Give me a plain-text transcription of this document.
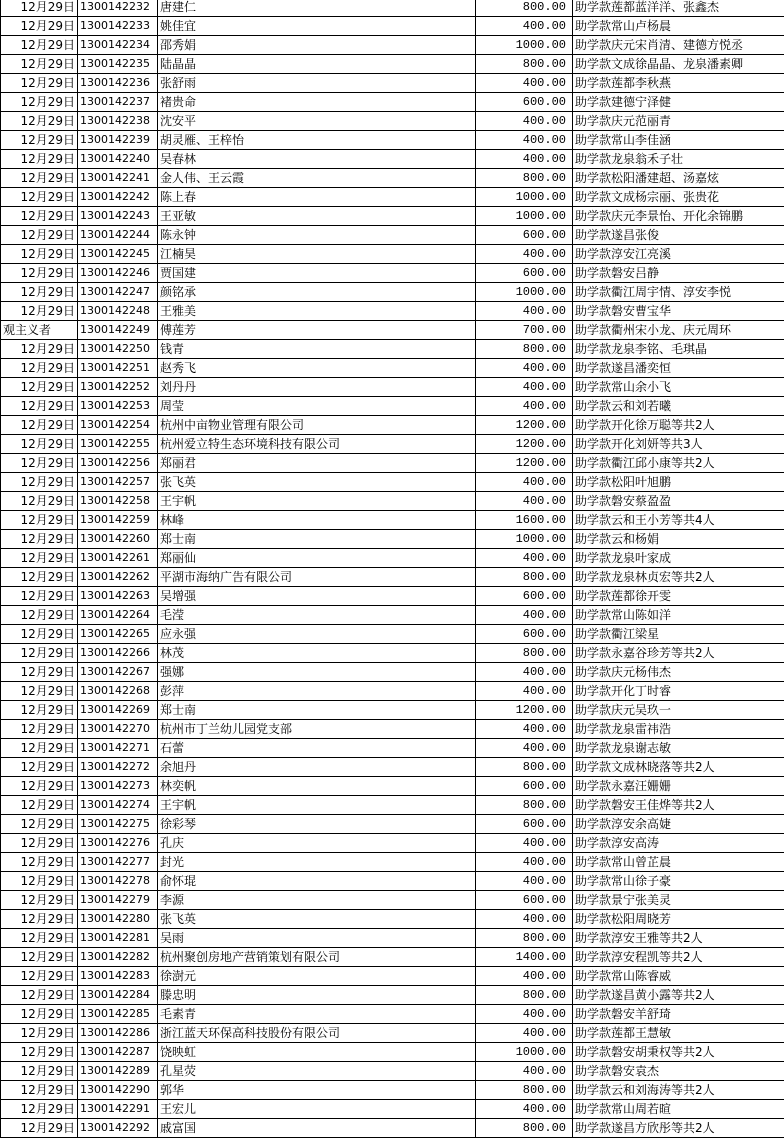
12月29日	1300142232	唐建仁	800.00	助学款莲都蓝洋洋、张鑫杰
12月29日	1300142233	姚佳宜	400.00	助学款常山卢杨晨
12月29日	1300142234	邵秀娟	1000.00	助学款庆元宋肖清、建德方悦丞
12月29日	1300142235	陆晶晶	800.00	助学款文成徐晶晶、龙泉潘素卿
12月29日	1300142236	张舒雨	400.00	助学款莲都李秋燕
12月29日	1300142237	褚贵命	600.00	助学款建德宁泽健
12月29日	1300142238	沈安平	400.00	助学款庆元范丽青
12月29日	1300142239	胡灵雁、王梓怡	400.00	助学款常山李佳涵
12月29日	1300142240	吴春林	400.00	助学款龙泉翁禾子壮
12月29日	1300142241	金人伟、王云霞	800.00	助学款松阳潘建超、汤嘉炫
12月29日	1300142242	陈上春	1000.00	助学款文成杨宗丽、张贵花
12月29日	1300142243	王亚敏	1000.00	助学款庆元李景怡、开化余锦鹏
12月29日	1300142244	陈永钟	600.00	助学款遂昌张俊
12月29日	1300142245	江楠昊	400.00	助学款淳安江亮溪
12月29日	1300142246	贾国建	600.00	助学款磐安吕静
12月29日	1300142247	颜铭承	1000.00	助学款衢江周宇情、淳安李悦
12月29日	1300142248	王雅美	400.00	助学款磐安曹宝华
观主义者	1300142249	傅莲芳	700.00	助学款衢州宋小龙、庆元周环
12月29日	1300142250	钱青	800.00	助学款龙泉李铭、毛琪晶
12月29日	1300142251	赵秀飞	400.00	助学款遂昌潘奕恒
12月29日	1300142252	刘丹丹	400.00	助学款常山余小飞
12月29日	1300142253	周莹	400.00	助学款云和刘若曦
12月29日	1300142254	杭州中亩物业管理有限公司	1200.00	助学款开化徐万聪等共2人
12月29日	1300142255	杭州爱立特生态环境科技有限公司	1200.00	助学款开化刘妍等共3人
12月29日	1300142256	郑丽君	1200.00	助学款衢江邱小康等共2人
12月29日	1300142257	张飞英	400.00	助学款松阳叶旭鹏
12月29日	1300142258	王宇帆	400.00	助学款磐安蔡盈盈
12月29日	1300142259	林峰	1600.00	助学款云和王小芳等共4人
12月29日	1300142260	郑士南	1000.00	助学款云和杨娟
12月29日	1300142261	郑丽仙	400.00	助学款龙泉叶家成
12月29日	1300142262	平湖市海纳广告有限公司	800.00	助学款龙泉林贞宏等共2人
12月29日	1300142263	吴增强	600.00	助学款莲都徐开雯
12月29日	1300142264	毛滢	400.00	助学款常山陈如洋
12月29日	1300142265	应永强	600.00	助学款衢江梁星
12月29日	1300142266	林茂	800.00	助学款永嘉谷珍芳等共2人
12月29日	1300142267	强娜	400.00	助学款庆元杨伟杰
12月29日	1300142268	彭萍	400.00	助学款开化丁时睿
12月29日	1300142269	郑士南	1200.00	助学款庆元吴玖一
12月29日	1300142270	杭州市丁兰幼儿园党支部	400.00	助学款龙泉雷祎浩
12月29日	1300142271	石蕾	400.00	助学款龙泉谢志敏
12月29日	1300142272	余旭丹	800.00	助学款文成林晓落等共2人
12月29日	1300142273	林奕帆	600.00	助学款永嘉汪姗姗
12月29日	1300142274	王宇帆	800.00	助学款磐安王佳烨等共2人
12月29日	1300142275	徐彩琴	600.00	助学款淳安余高婕
12月29日	1300142276	孔庆	400.00	助学款淳安高涛
12月29日	1300142277	封光	400.00	助学款常山曾芷晨
12月29日	1300142278	俞怀琨	400.00	助学款常山徐子豪
12月29日	1300142279	李源	600.00	助学款景宁张美灵
12月29日	1300142280	张飞英	400.00	助学款松阳周晓芳
12月29日	1300142281	吴雨	800.00	助学款淳安王雅等共2人
12月29日	1300142282	杭州聚创房地产营销策划有限公司	1400.00	助学款淳安程凯等共2人
12月29日	1300142283	徐澍元	400.00	助学款常山陈睿威
12月29日	1300142284	滕忠明	800.00	助学款遂昌黄小露等共2人
12月29日	1300142285	毛素青	400.00	助学款磐安羊舒琦
12月29日	1300142286	浙江蓝天环保高科技股份有限公司	400.00	助学款莲都王慧敏
12月29日	1300142287	饶映虹	1000.00	助学款磐安胡秉权等共2人
12月29日	1300142289	孔星荧	400.00	助学款磐安袁杰
12月29日	1300142290	郭华	800.00	助学款云和刘海涛等共2人
12月29日	1300142291	王宏儿	400.00	助学款常山周若暄
12月29日	1300142292	戚富国	800.00	助学款遂昌方欣彤等共2人
